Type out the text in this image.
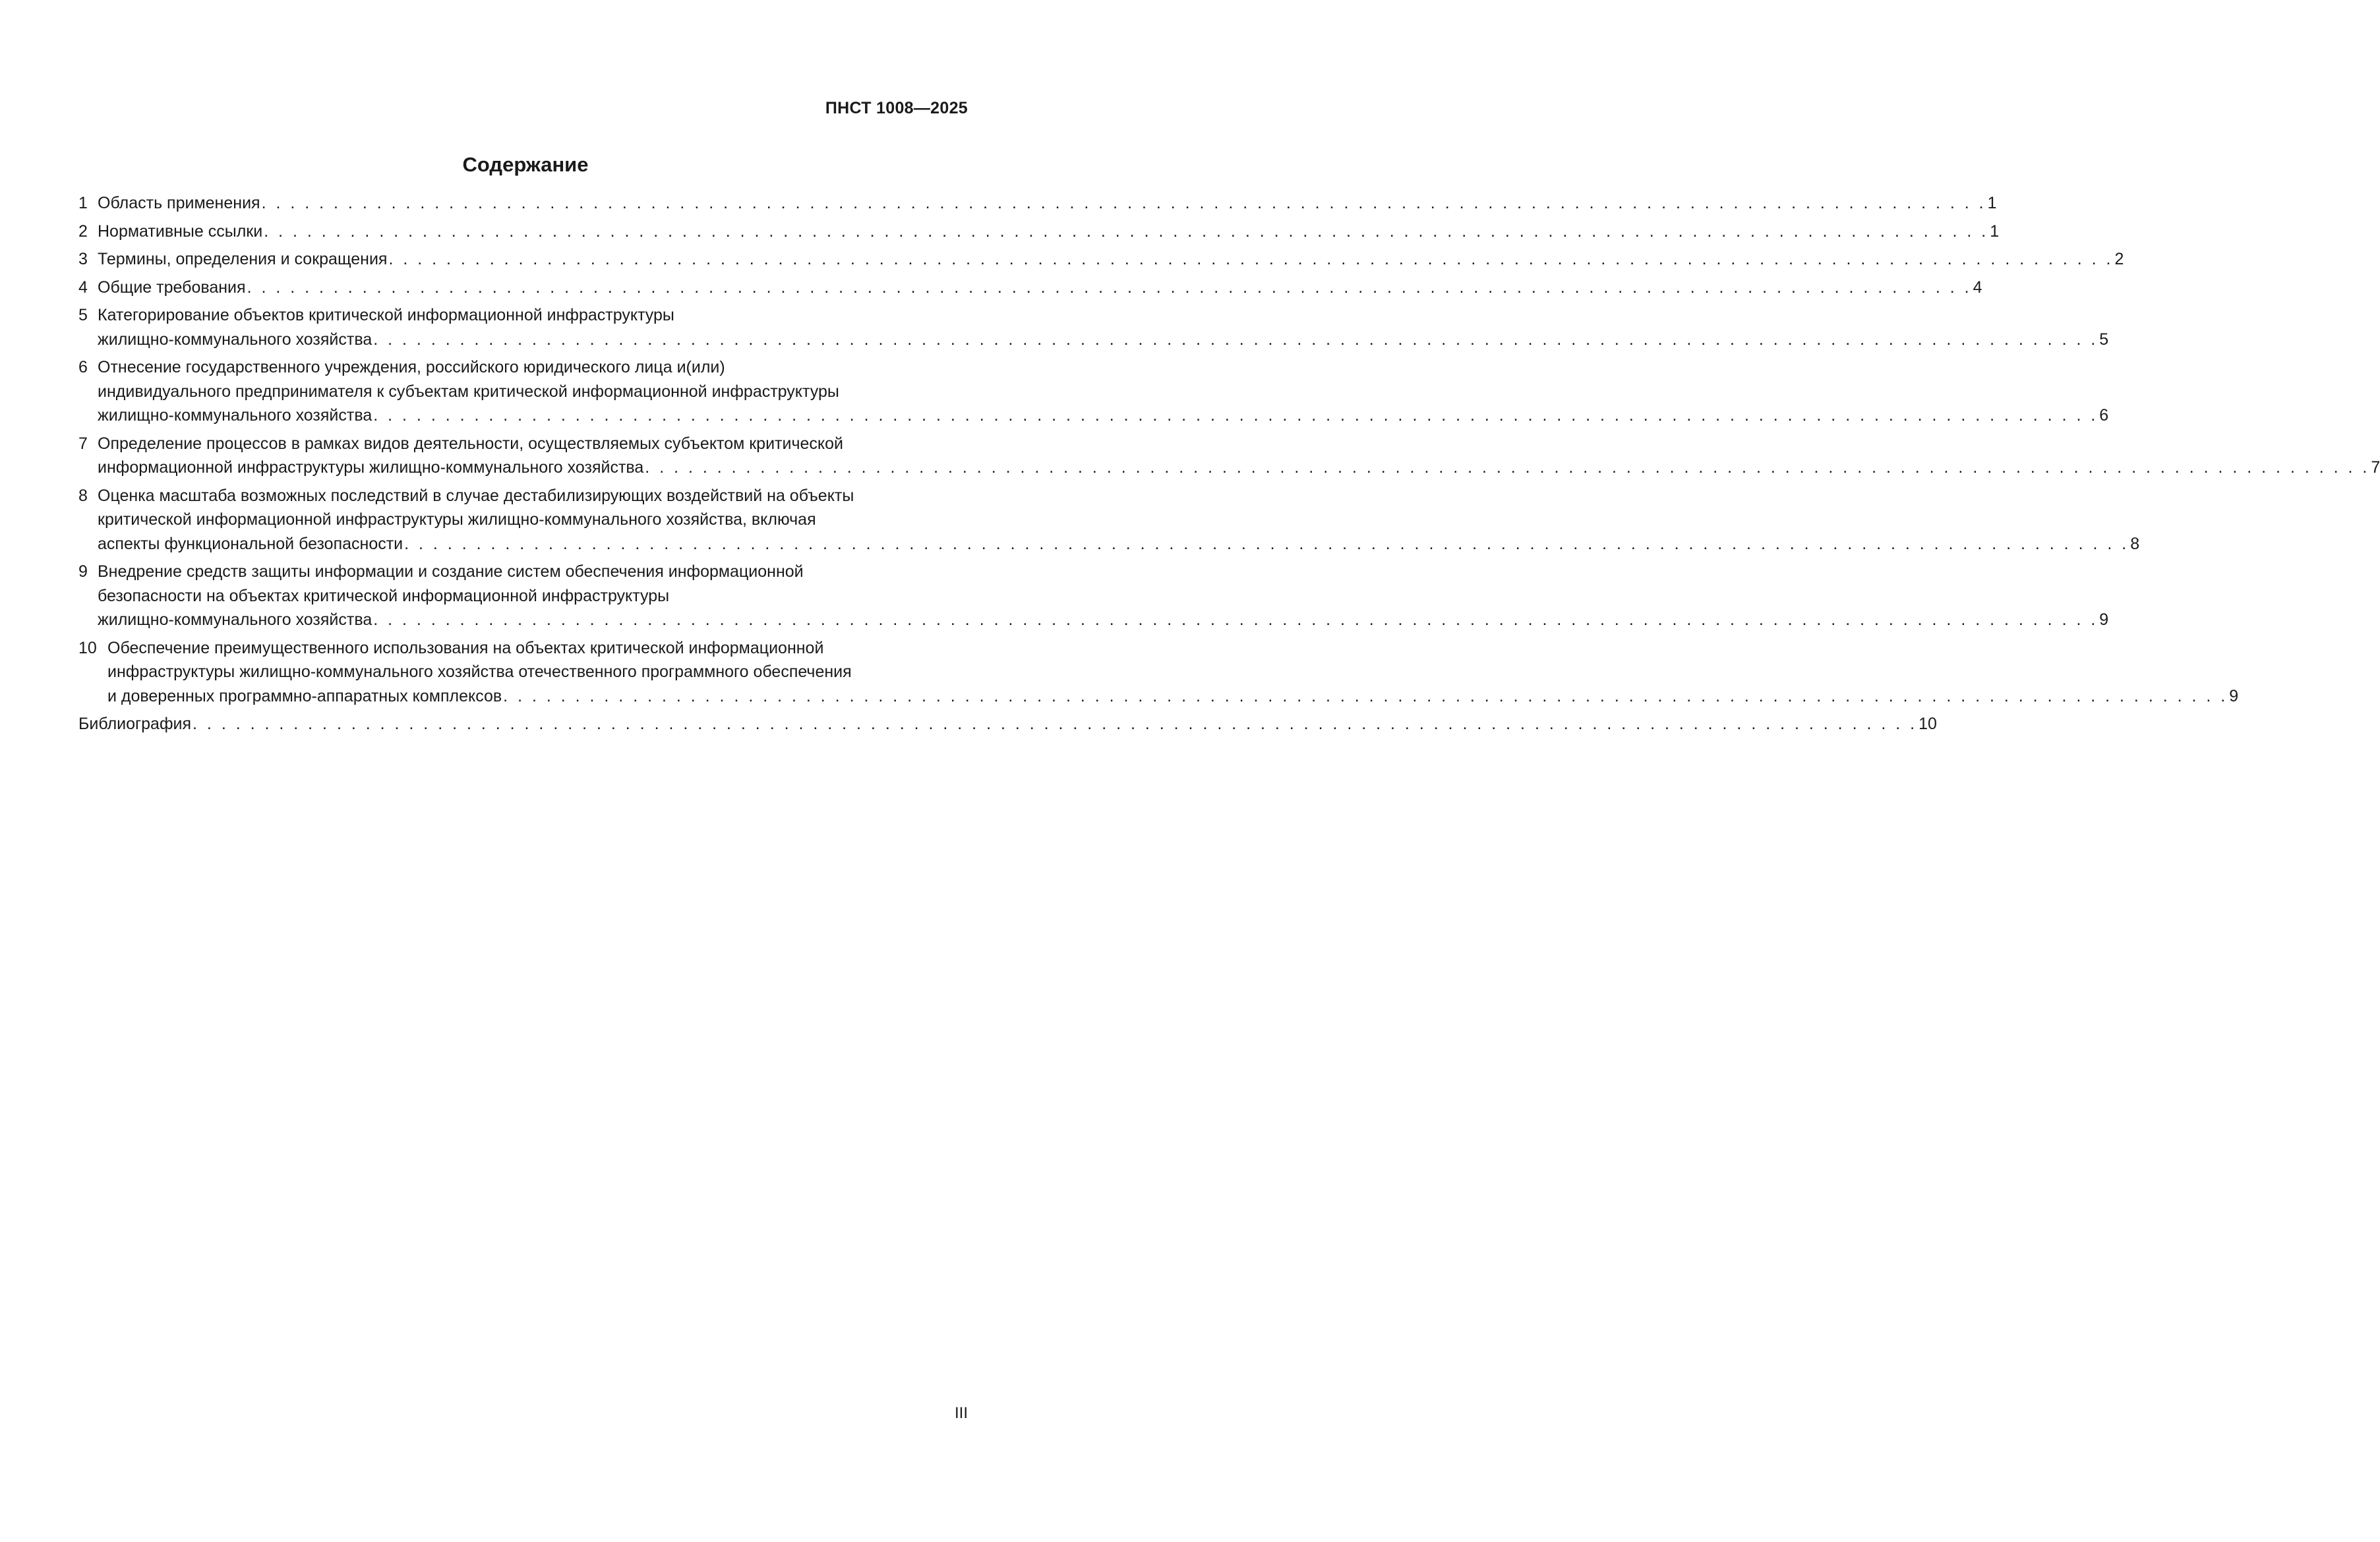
ПНСТ 1008—2025
Содержание
1 Область применения . . . . . . . . . . . . . . . . . . . . . . . . . . . . . . . . . . . . . . . . . . . . . . . . . . . . . . . . . . . . . . . . . . . . . . . . . . . . . . . . . . . . . . . . . . . . . . . . . . . . . . . . . . . . . . . . . . . . . . . . 1
2 Нормативные ссылки . . . . . . . . . . . . . . . . . . . . . . . . . . . . . . . . . . . . . . . . . . . . . . . . . . . . . . . . . . . . . . . . . . . . . . . . . . . . . . . . . . . . . . . . . . . . . . . . . . . . . . . . . . . . . . . . . . . . . . . . 1
3 Термины, определения и сокращения . . . . . . . . . . . . . . . . . . . . . . . . . . . . . . . . . . . . . . . . . . . . . . . . . . . . . . . . . . . . . . . . . . . . . . . . . . . . . . . . . . . . . . . . . . . . . . . . . . . . . . . . . . . . . . . . . . . . . . . . 2
4 Общие требования . . . . . . . . . . . . . . . . . . . . . . . . . . . . . . . . . . . . . . . . . . . . . . . . . . . . . . . . . . . . . . . . . . . . . . . . . . . . . . . . . . . . . . . . . . . . . . . . . . . . . . . . . . . . . . . . . . . . . . . . 4
5 Категорирование объектов критической информационной инфраструктуры
жилищно-коммунального хозяйства . . . . . . . . . . . . . . . . . . . . . . . . . . . . . . . . . . . . . . . . . . . . . . . . . . . . . . . . . . . . . . . . . . . . . . . . . . . . . . . . . . . . . . . . . . . . . . . . . . . . . . . . . . . . . . . . . . . . . . . . 5
6 Отнесение государственного учреждения, российского юридического лица и(или)
индивидуального предпринимателя к субъектам критической информационной инфраструктуры
жилищно-коммунального хозяйства . . . . . . . . . . . . . . . . . . . . . . . . . . . . . . . . . . . . . . . . . . . . . . . . . . . . . . . . . . . . . . . . . . . . . . . . . . . . . . . . . . . . . . . . . . . . . . . . . . . . . . . . . . . . . . . . . . . . . . . . 6
7 Определение процессов в рамках видов деятельности, осуществляемых субъектом критической
информационной инфраструктуры жилищно-коммунального хозяйства . . . . . . . . . . . . . . . . . . . . . . . . . . . . . . . . . . . . . . . . . . . . . . . . . . . . . . . . . . . . . . . . . . . . . . . . . . . . . . . . . . . . . . . . . . . . . . . . . . . . . . . . . . . . . . . . . . . . . . . . 7
8 Оценка масштаба возможных последствий в случае дестабилизирующих воздействий на объекты
критической информационной инфраструктуры жилищно-коммунального хозяйства, включая
аспекты функциональной безопасности . . . . . . . . . . . . . . . . . . . . . . . . . . . . . . . . . . . . . . . . . . . . . . . . . . . . . . . . . . . . . . . . . . . . . . . . . . . . . . . . . . . . . . . . . . . . . . . . . . . . . . . . . . . . . . . . . . . . . . . . 8
9 Внедрение средств защиты информации и создание систем обеспечения информационной
безопасности на объектах критической информационной инфраструктуры
жилищно-коммунального хозяйства . . . . . . . . . . . . . . . . . . . . . . . . . . . . . . . . . . . . . . . . . . . . . . . . . . . . . . . . . . . . . . . . . . . . . . . . . . . . . . . . . . . . . . . . . . . . . . . . . . . . . . . . . . . . . . . . . . . . . . . . 9
10 Обеспечение преимущественного использования на объектах критической информационной
инфраструктуры жилищно-коммунального хозяйства отечественного программного обеспечения
и доверенных программно-аппаратных комплексов . . . . . . . . . . . . . . . . . . . . . . . . . . . . . . . . . . . . . . . . . . . . . . . . . . . . . . . . . . . . . . . . . . . . . . . . . . . . . . . . . . . . . . . . . . . . . . . . . . . . . . . . . . . . . . . . . . . . . . . . 9
Библиография . . . . . . . . . . . . . . . . . . . . . . . . . . . . . . . . . . . . . . . . . . . . . . . . . . . . . . . . . . . . . . . . . . . . . . . . . . . . . . . . . . . . . . . . . . . . . . . . . . . . . . . . . . . . . . . . . . . . . . . . 10
III
